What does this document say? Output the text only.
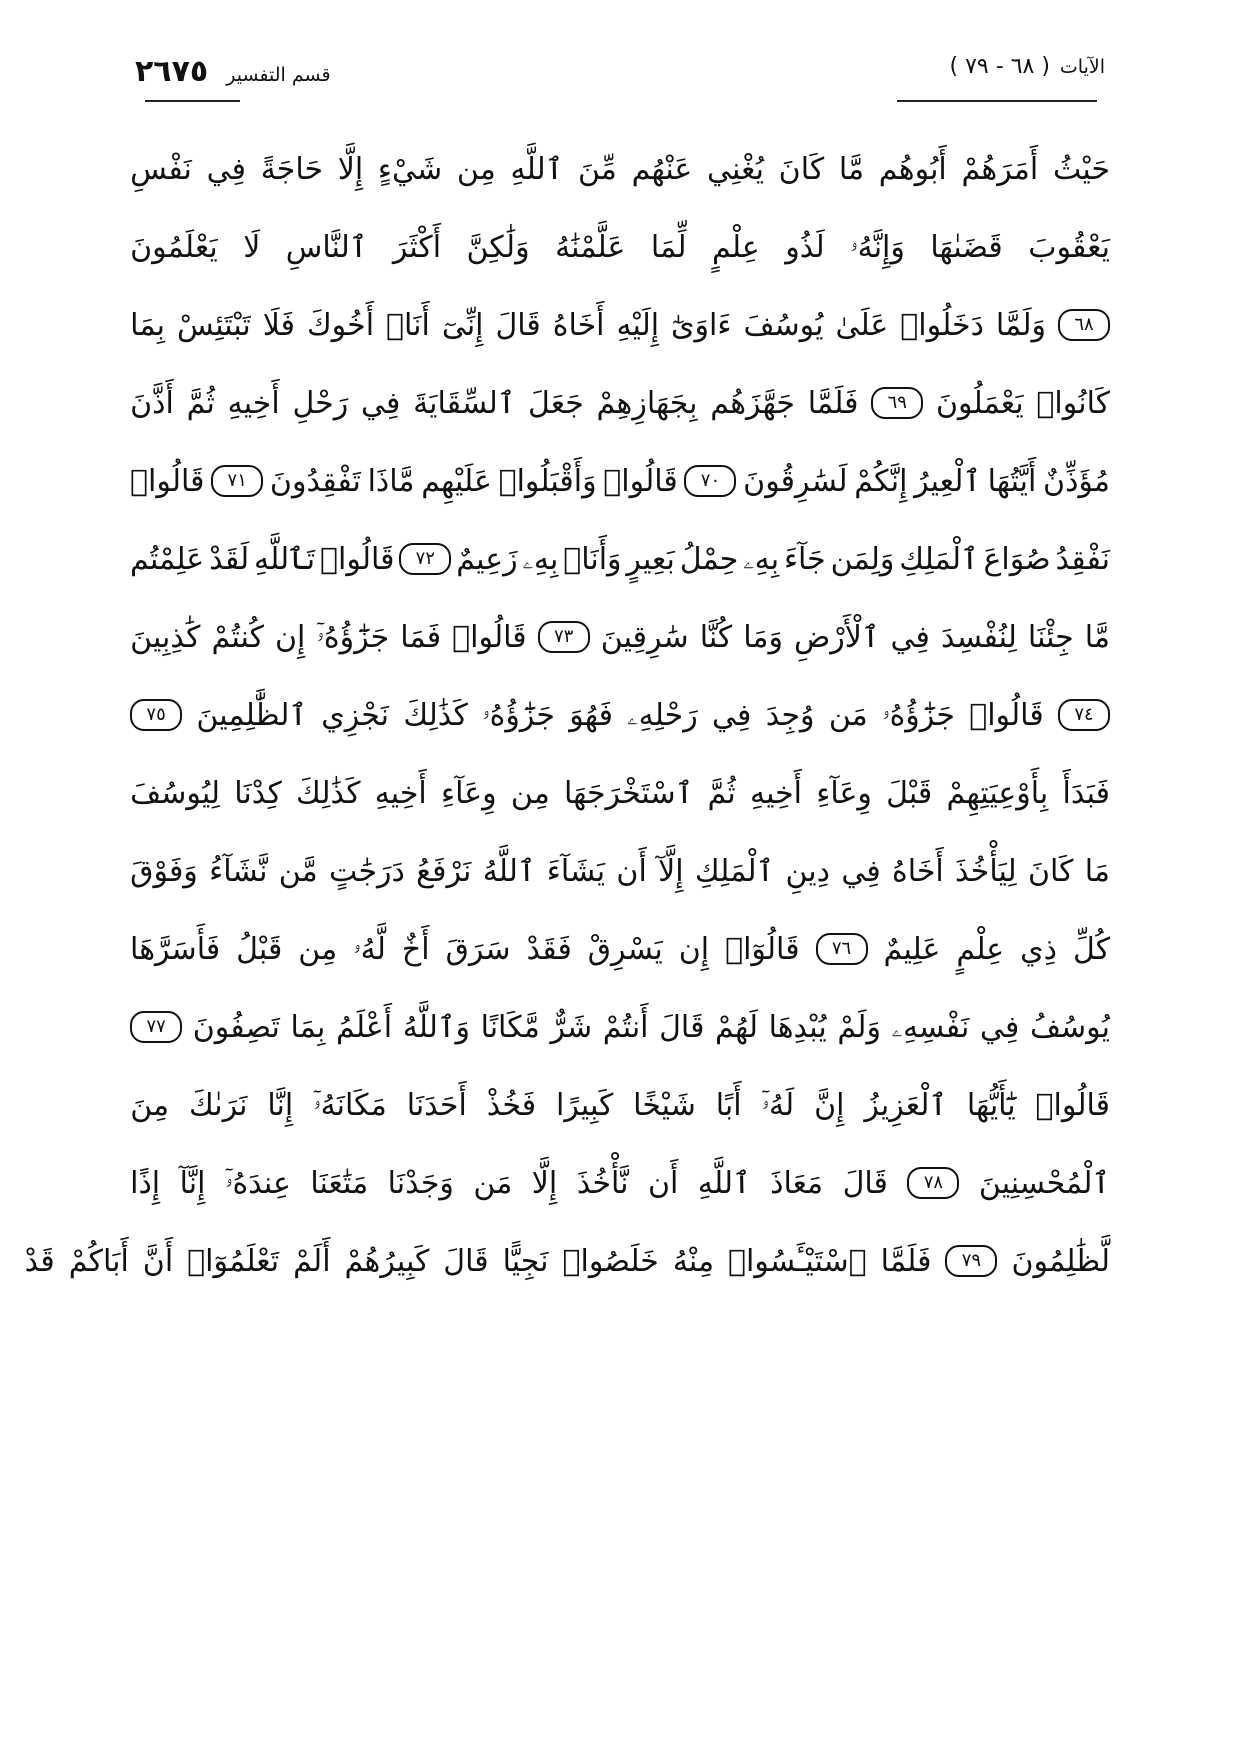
٢٦٧٥ قسم التفسير	الآيات
( ٦٨ - ٧٩ )
حَيْثُ
أَمَرَهُمْ
أَبُوهُم
مَّا
كَانَ
يُغْنِي
عَنْهُم
مِّنَ
ٱللَّهِ
مِن
شَيْءٍ
إِلَّا
حَاجَةً
فِي
نَفْسِ
يَعْقُوبَ
قَضَىٰهَا
وَإِنَّهُۥ
لَذُو
عِلْمٍ
لِّمَا
عَلَّمْنَٰهُ
وَلَٰكِنَّ
أَكْثَرَ
ٱلنَّاسِ
لَا
يَعْلَمُونَ
٦٨
وَلَمَّا
دَخَلُوا۟
عَلَىٰ
يُوسُفَ
ءَاوَىٰٓ
إِلَيْهِ
أَخَاهُ
قَالَ
إِنِّىٓ
أَنَا۠
أَخُوكَ
فَلَا
تَبْتَئِسْ
بِمَا
كَانُوا۟
يَعْمَلُونَ
٦٩
فَلَمَّا
جَهَّزَهُم
بِجَهَازِهِمْ
جَعَلَ
ٱلسِّقَايَةَ
فِي
رَحْلِ
أَخِيهِ
ثُمَّ
أَذَّنَ
مُؤَذِّنٌ
أَيَّتُهَا
ٱلْعِيرُ
إِنَّكُمْ
لَسَٰرِقُونَ
٧٠
قَالُوا۟
وَأَقْبَلُوا۟
عَلَيْهِم
مَّاذَا
تَفْقِدُونَ
٧١
قَالُوا۟
نَفْقِدُ
صُوَاعَ
ٱلْمَلِكِ
وَلِمَن
جَآءَ
بِهِۦ
حِمْلُ
بَعِيرٍ
وَأَنَا۠
بِهِۦ
زَعِيمٌ
٧٢
قَالُوا۟
تَٱللَّهِ
لَقَدْ
عَلِمْتُم
مَّا
جِئْنَا
لِنُفْسِدَ
فِي
ٱلْأَرْضِ
وَمَا
كُنَّا
سَٰرِقِينَ
٧٣
قَالُوا۟
فَمَا
جَزَٰٓؤُهُۥٓ
إِن
كُنتُمْ
كَٰذِبِينَ
٧٤
قَالُوا۟
جَزَٰٓؤُهُۥ
مَن
وُجِدَ
فِي
رَحْلِهِۦ
فَهُوَ
جَزَٰٓؤُهُۥ
كَذَٰلِكَ
نَجْزِي
ٱلظَّٰلِمِينَ
٧٥
فَبَدَأَ
بِأَوْعِيَتِهِمْ
قَبْلَ
وِعَآءِ
أَخِيهِ
ثُمَّ
ٱسْتَخْرَجَهَا
مِن
وِعَآءِ
أَخِيهِ
كَذَٰلِكَ
كِدْنَا
لِيُوسُفَ
مَا
كَانَ
لِيَأْخُذَ
أَخَاهُ
فِي
دِينِ
ٱلْمَلِكِ
إِلَّآ
أَن
يَشَآءَ
ٱللَّهُ
نَرْفَعُ
دَرَجَٰتٍ
مَّن
نَّشَآءُ
وَفَوْقَ
كُلِّ
ذِي
عِلْمٍ
عَلِيمٌ
٧٦
قَالُوٓا۟
إِن
يَسْرِقْ
فَقَدْ
سَرَقَ
أَخٌ
لَّهُۥ
مِن
قَبْلُ
فَأَسَرَّهَا
يُوسُفُ
فِي
نَفْسِهِۦ
وَلَمْ
يُبْدِهَا
لَهُمْ
قَالَ
أَنتُمْ
شَرٌّ
مَّكَانًا
وَٱللَّهُ
أَعْلَمُ
بِمَا
تَصِفُونَ
٧٧
قَالُوا۟
يَٰٓأَيُّهَا
ٱلْعَزِيزُ
إِنَّ
لَهُۥٓ
أَبًا
شَيْخًا
كَبِيرًا
فَخُذْ
أَحَدَنَا
مَكَانَهُۥٓ
إِنَّا
نَرَىٰكَ
مِنَ
ٱلْمُحْسِنِينَ
٧٨
قَالَ
مَعَاذَ
ٱللَّهِ
أَن
نَّأْخُذَ
إِلَّا
مَن
وَجَدْنَا
مَتَٰعَنَا
عِندَهُۥٓ
إِنَّآ
إِذًا
لَّظَٰلِمُونَ
٧٩
فَلَمَّا
ٱسْتَيْـَٔسُوا۟
مِنْهُ
خَلَصُوا۟
نَجِيًّا
قَالَ
كَبِيرُهُمْ
أَلَمْ
تَعْلَمُوٓا۟
أَنَّ
أَبَاكُمْ
قَدْ
